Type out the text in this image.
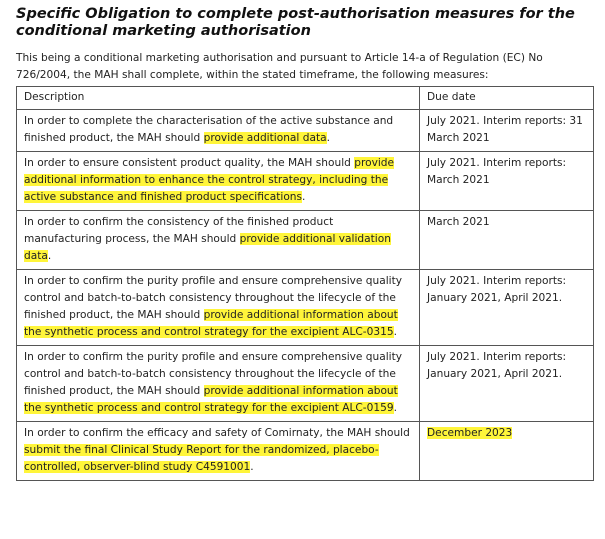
Specific Obligation to complete post-authorisation measures for the
conditional marketing authorisation
This being a conditional marketing authorisation and pursuant to Article 14-a of Regulation (EC) No
726/2004, the MAH shall complete, within the stated timeframe, the following measures:
Description	Due date
In order to complete the characterisation of the active substance and finished product, the MAH should provide additional data.	July 2021. Interim reports: 31 March 2021
In order to ensure consistent product quality, the MAH should provide additional information to enhance the control strategy, including the active substance and finished product specifications.	July 2021. Interim reports: March 2021
In order to confirm the consistency of the finished product manufacturing process, the MAH should provide additional validation data.	March 2021
In order to confirm the purity profile and ensure comprehensive quality control and batch-to-batch consistency throughout the lifecycle of the finished product, the MAH should provide additional information about the synthetic process and control strategy for the excipient ALC-0315.	July 2021. Interim reports: January 2021, April 2021.
In order to confirm the purity profile and ensure comprehensive quality control and batch-to-batch consistency throughout the lifecycle of the finished product, the MAH should provide additional information about the synthetic process and control strategy for the excipient ALC-0159.	July 2021. Interim reports: January 2021, April 2021.
In order to confirm the efficacy and safety of Comirnaty, the MAH should submit the final Clinical Study Report for the randomized, placebo-controlled, observer-blind study C4591001.	December 2023
